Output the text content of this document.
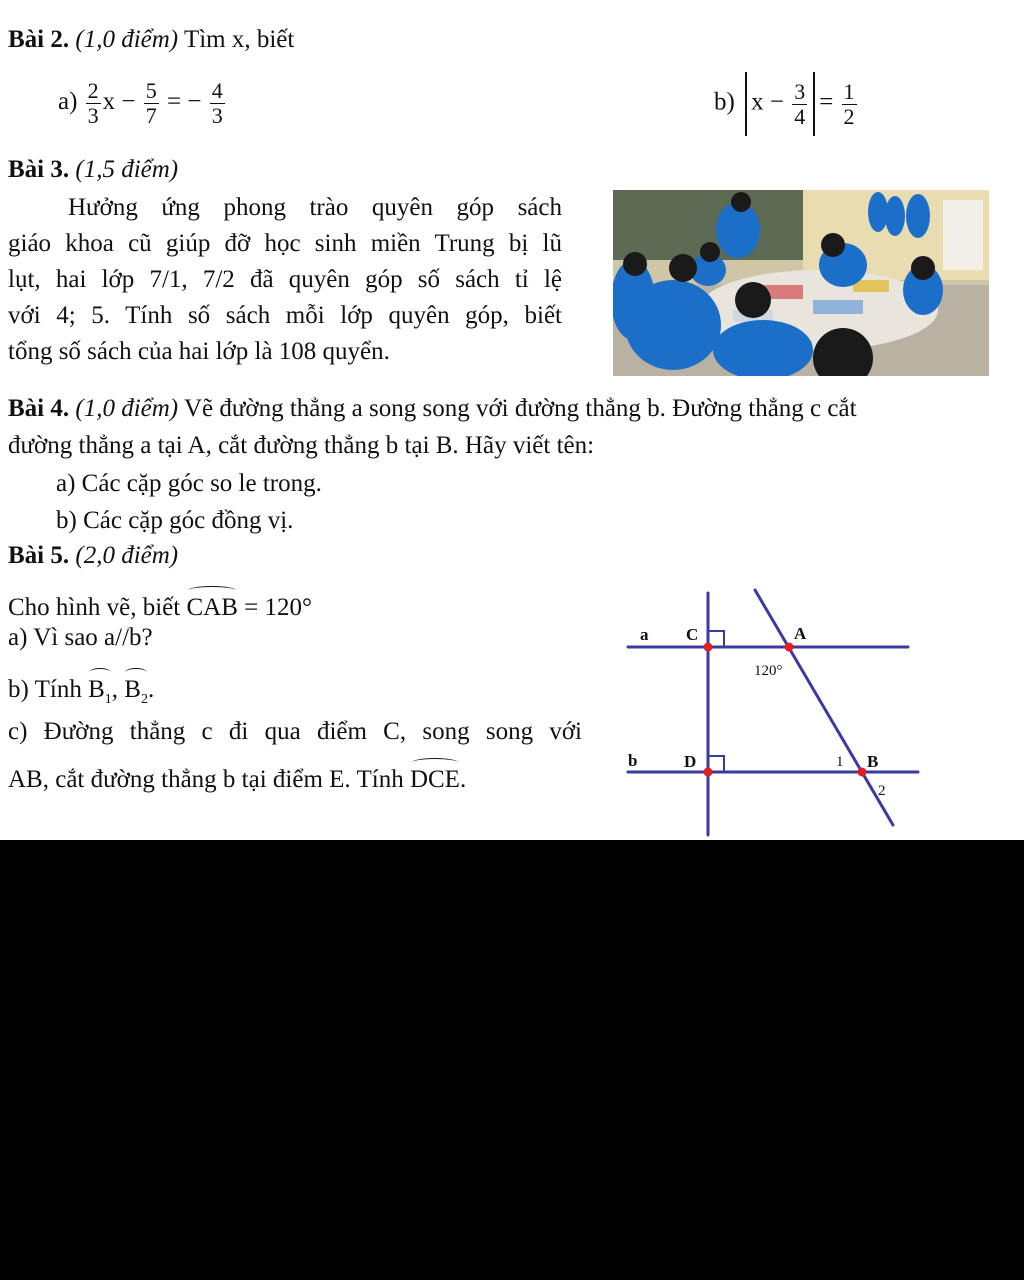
Bài 2. (1,0 điểm) Tìm x, biết
$a) \frac{2}{3}$ $x - \frac{5}{7}$ = − $\frac{4}{3}$	b) $x - \frac{3}{4} = \frac{1}{2}$
Bài 3. (1,5 điểm)
Hưởng ứng phong trào quyên góp sách
giáo khoa cũ giúp đỡ học sinh miền Trung bị lũ
lụt, hai lớp 7/1, 7/2 đã quyên góp số sách tỉ lệ
với 4; 5. Tính số sách mỗi lớp quyên góp, biết
tổng số sách của hai lớp là 108 quyển.
Bài 4. (1,0 điểm) Vẽ đường thẳng a song song với đường thẳng b. Đường thẳng c cắt
đường thẳng a tại A, cắt đường thẳng b tại B. Hãy viết tên:
a) Các cặp góc so le trong.
b) Các cặp góc đồng vị.
Bài 5. (2,0 điểm)
Cho hình vẽ, biết CAB = 120°
a) Vì sao a//b?
b) Tính $B_1$, $B_2$.
c) Đường thẳng c đi qua điểm C, song song với
AB, cắt đường thẳng b tại điểm E. Tính DCE.
a C	A
120°
b	D	1 B
2
